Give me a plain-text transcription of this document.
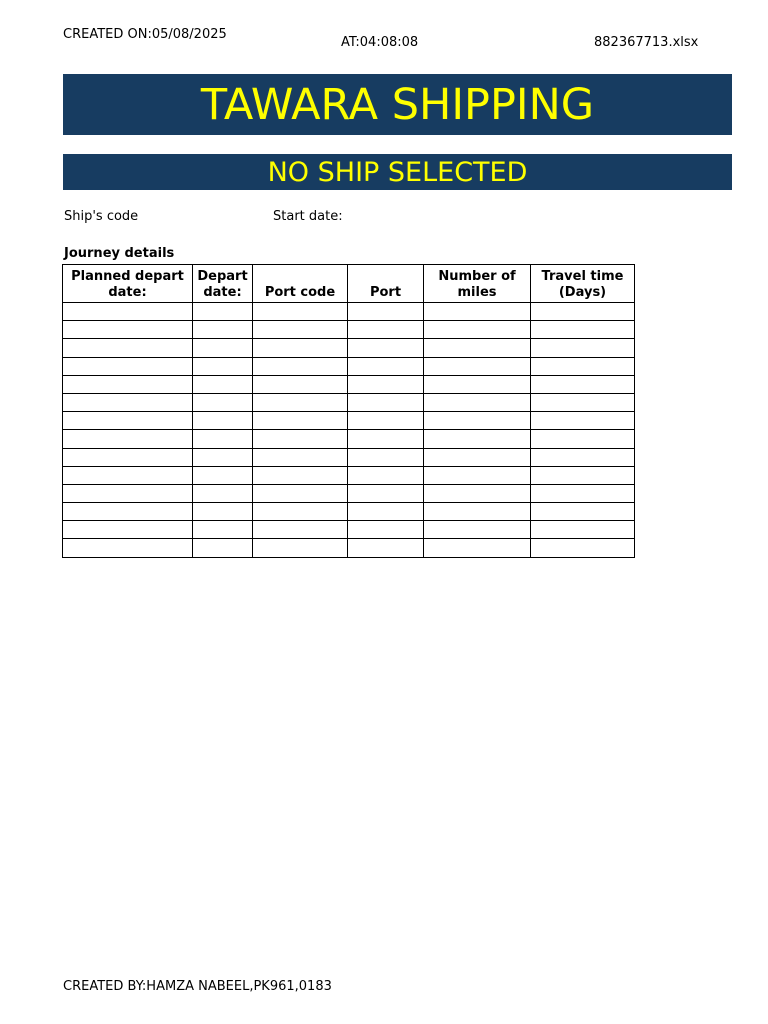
CREATED ON:05/08/2025
AT:04:08:08	882367713.xlsx
TAWARA SHIPPING
NO SHIP SELECTED
Ship's code	Start date:
Journey details
Planned depart date:	Depart date:	Port code	Port	Number of miles	Travel time (Days)

CREATED BY:HAMZA NABEEL,PK961,0183
